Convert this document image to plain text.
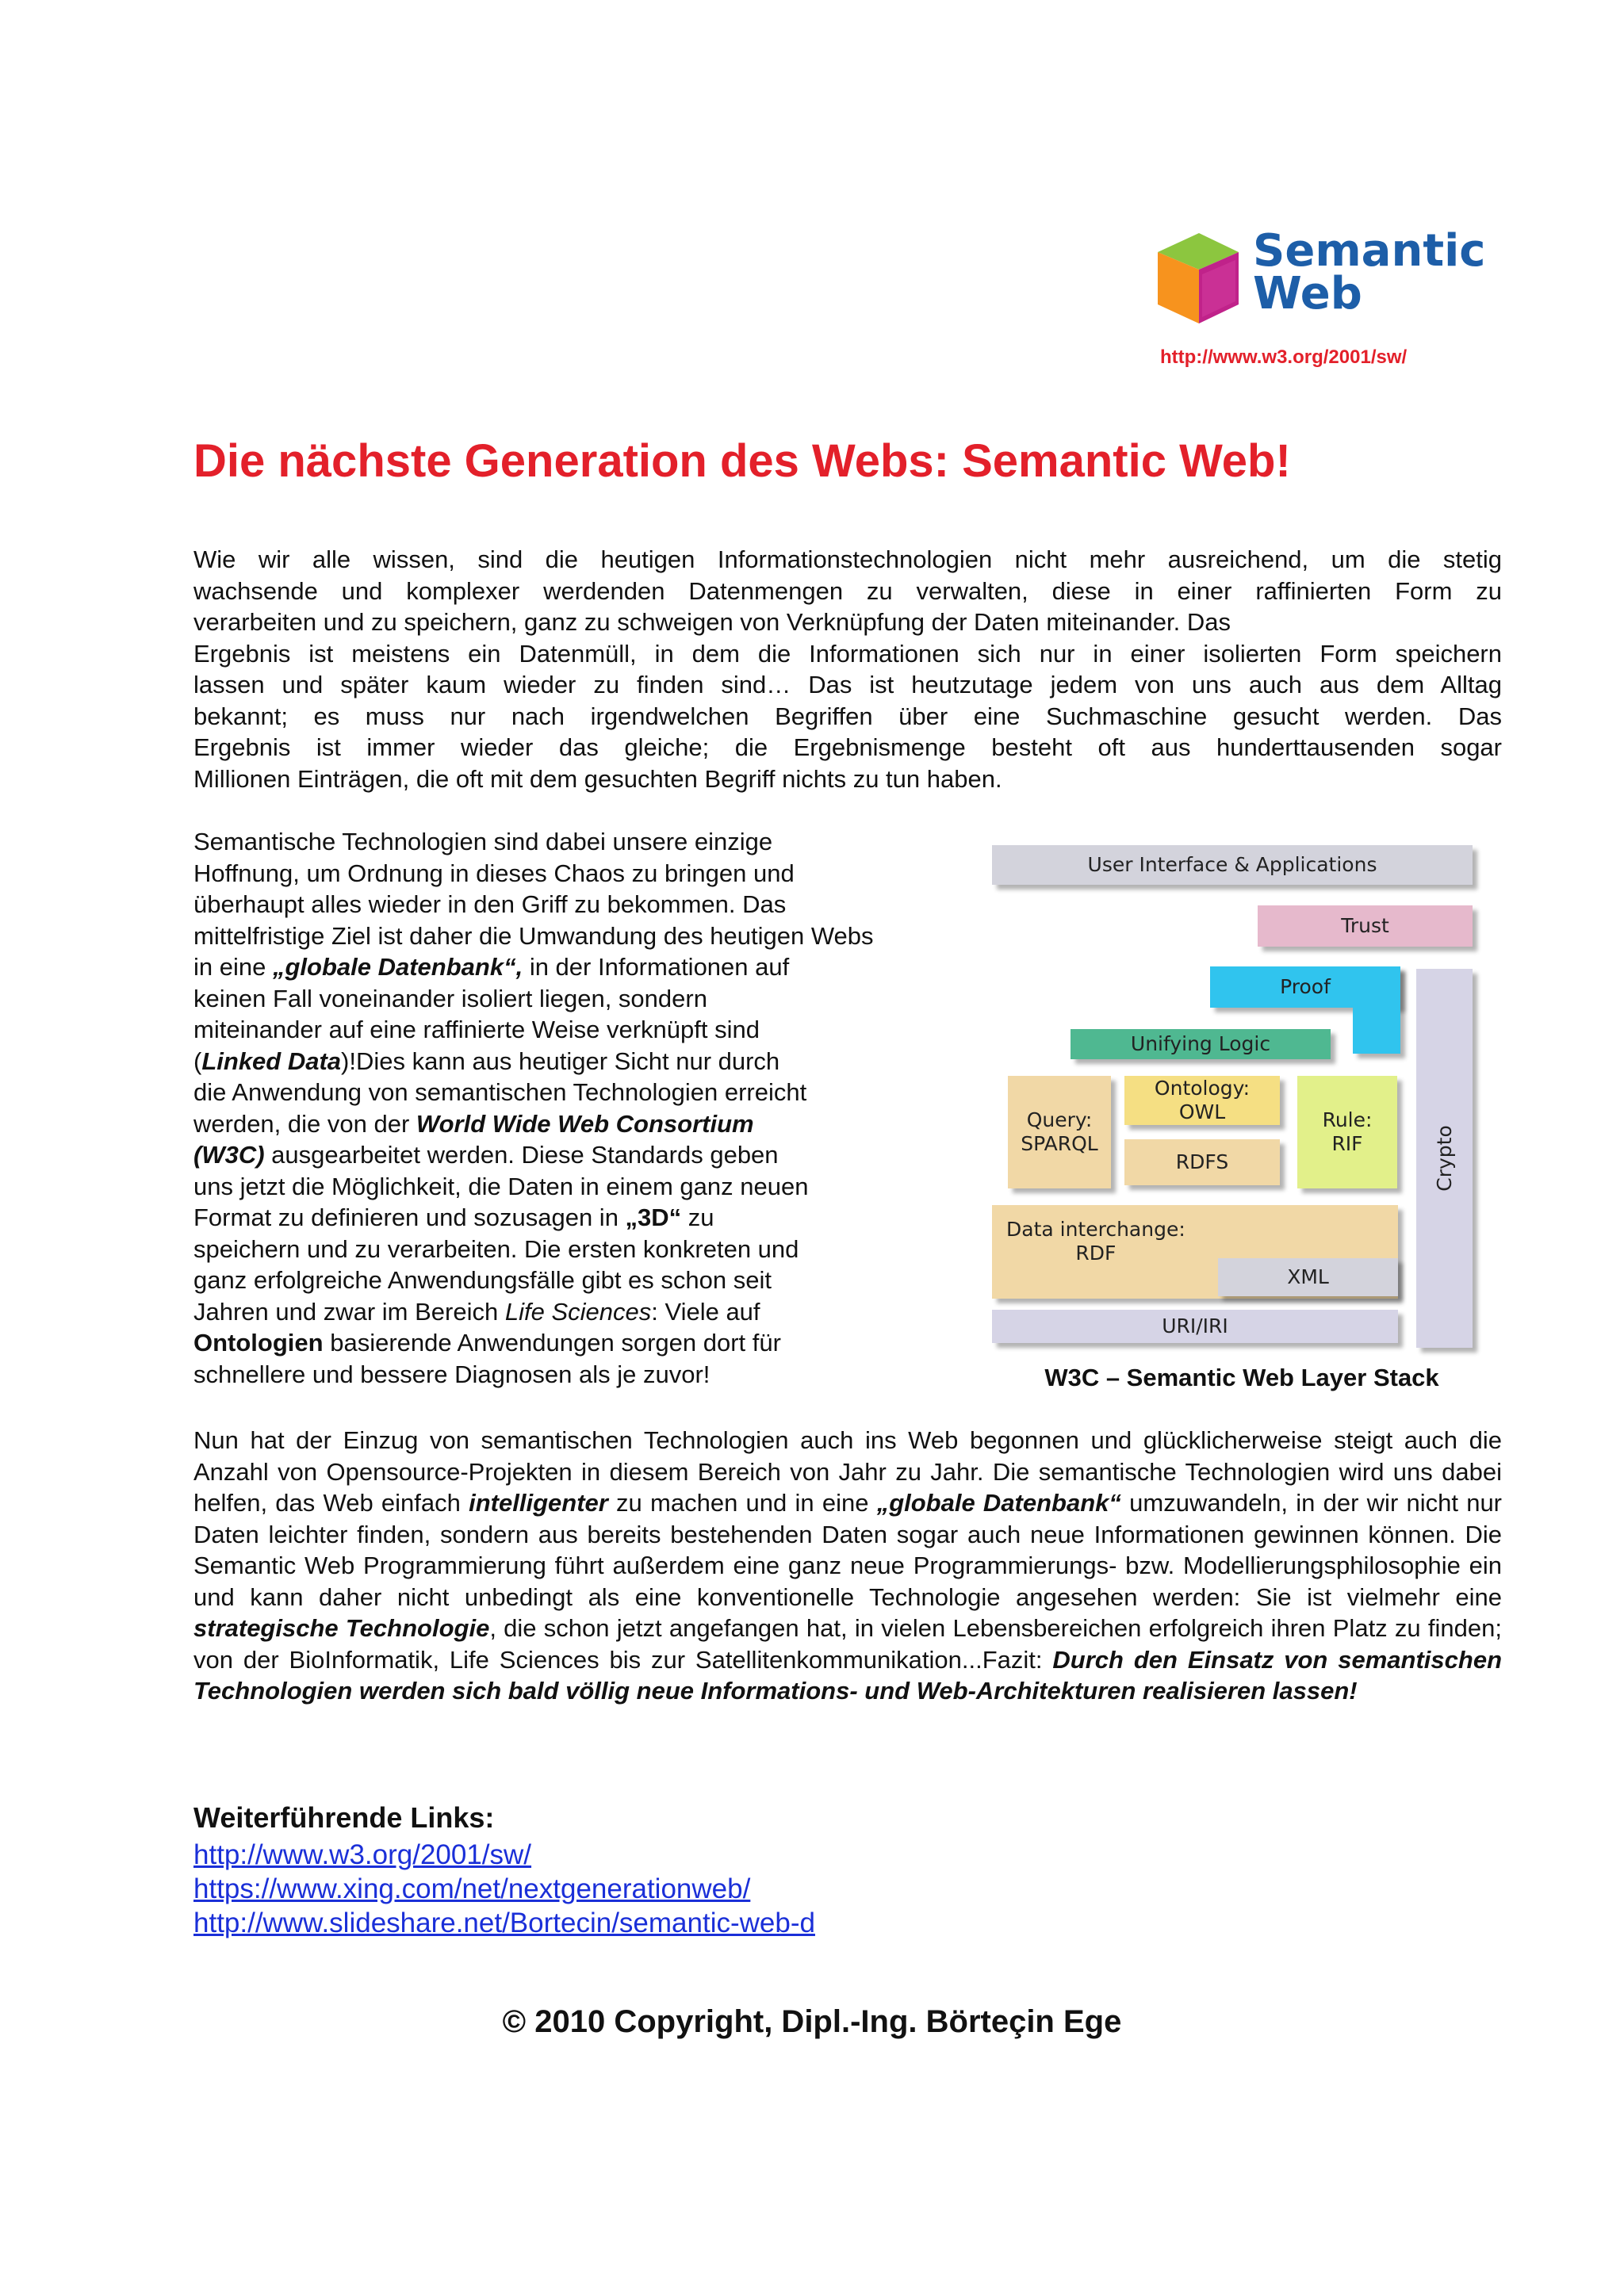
Semantic
Web
http://www.w3.org/2001/sw/
Die nächste Generation des Webs: Semantic Web!
Wie wir alle wissen, sind die heutigen Informationstechnologien nicht mehr ausreichend, um die stetig
wachsende und komplexer werdenden Datenmengen zu verwalten, diese in einer raffinierten Form zu
verarbeiten und zu speichern, ganz zu schweigen von Verknüpfung der Daten miteinander. Das
Ergebnis ist meistens ein Datenmüll, in dem die Informationen sich nur in einer isolierten Form speichern
lassen und später kaum wieder zu finden sind… Das ist heutzutage jedem von uns auch aus dem Alltag
bekannt; es muss nur nach irgendwelchen Begriffen über eine Suchmaschine gesucht werden. Das
Ergebnis ist immer wieder das gleiche; die Ergebnismenge besteht oft aus hunderttausenden sogar
Millionen Einträgen, die oft mit dem gesuchten Begriff nichts zu tun haben.
Semantische Technologien sind dabei unsere einzige
Hoffnung, um Ordnung in dieses Chaos zu bringen und
überhaupt alles wieder in den Griff zu bekommen. Das
mittelfristige Ziel ist daher die Umwandung des heutigen Webs
in eine „globale Datenbank“, in der Informationen auf
keinen Fall voneinander isoliert liegen, sondern
miteinander auf eine raffinierte Weise verknüpft sind
(Linked Data)!Dies kann aus heutiger Sicht nur durch
die Anwendung von semantischen Technologien erreicht
werden, die von der World Wide Web Consortium
(W3C) ausgearbeitet werden. Diese Standards geben
uns jetzt die Möglichkeit, die Daten in einem ganz neuen
Format zu definieren und sozusagen in „3D“ zu
speichern und zu verarbeiten. Die ersten konkreten und
ganz erfolgreiche Anwendungsfälle gibt es schon seit
Jahren und zwar im Bereich Life Sciences: Viele auf
Ontologien basierende Anwendungen sorgen dort für
schnellere und bessere Diagnosen als je zuvor!
User Interface & Applications
Trust
Proof
Unifying Logic
Query:
SPARQL
Ontology:
OWL
RDFS
Rule:
RIF	Crypto
Data interchange:
RDF
XML
URI/IRI
W3C – Semantic Web Layer Stack
Nun hat der Einzug von semantischen Technologien auch ins Web begonnen und glücklicherweise steigt auch die Anzahl von Opensource-Projekten in diesem Bereich von Jahr zu Jahr. Die semantische Technologien wird uns dabei helfen, das Web einfach intelligenter zu machen und in eine „globale Datenbank“ umzuwandeln, in der wir nicht nur Daten leichter finden, sondern aus bereits bestehenden Daten sogar auch neue Informationen gewinnen können. Die Semantic Web Programmierung führt außerdem eine ganz neue Programmierungs- bzw. Modellierungsphilosophie ein und kann daher nicht unbedingt als eine konventionelle Technologie angesehen werden: Sie ist vielmehr eine strategische Technologie, die schon jetzt angefangen hat, in vielen Lebensbereichen erfolgreich ihren Platz zu finden; von der BioInformatik, Life Sciences bis zur Satellitenkommunikation...Fazit: Durch den Einsatz von semantischen Technologien werden sich bald völlig neue Informations- und Web-Architekturen realisieren lassen!
Weiterführende Links:
http://www.w3.org/2001/sw/
https://www.xing.com/net/nextgenerationweb/
http://www.slideshare.net/Bortecin/semantic-web-d
© 2010 Copyright, Dipl.-Ing. Börteçin Ege
